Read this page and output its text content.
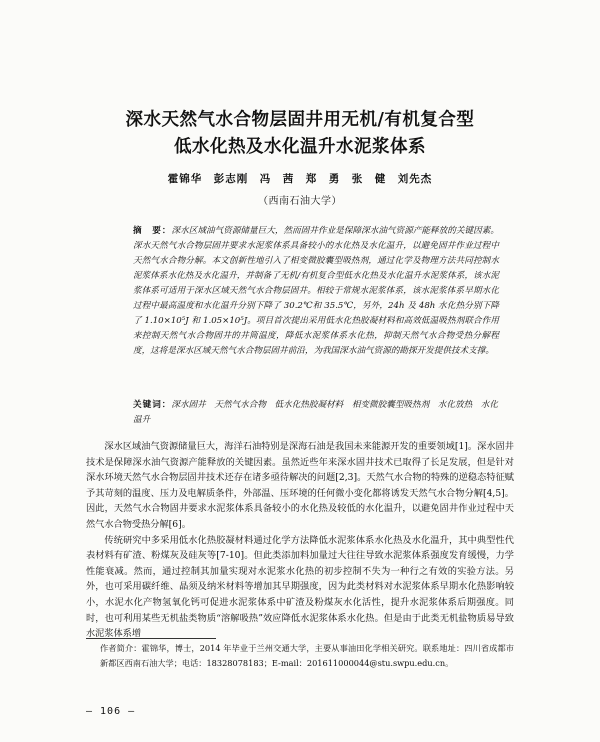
深水天然气水合物层固井用无机/有机复合型
低水化热及水化温升水泥浆体系
霍锦华　彭志刚　冯　茜　郑　勇　张　健　刘先杰
（西南石油大学）

摘　要：深水区域油气资源储量巨大，然而固井作业是保障深水油气资源产能释放的关键因素。深水天然气水合物层固井要求水泥浆体系具备较小的水化热及水化温升，以避免固井作业过程中天然气水合物分解。本文创新性地引入了相变微胶囊型吸热剂，通过化学及物理方法共同控制水泥浆体系水化热及水化温升，并制备了无机/有机复合型低水化热及水化温升水泥浆体系，该水泥浆体系可适用于深水区域天然气水合物层固井。相较于常规水泥浆体系，该水泥浆体系早期水化过程中最高温度和水化温升分别下降了 30.2℃和 35.5℃，另外，24h 及 48h 水化热分别下降了 1.10×10⁵J 和 1.05×10⁵J。项目首次提出采用低水化热胶凝材料和高效低温吸热剂联合作用来控制天然气水合物固井的井筒温度，降低水泥浆体系水化热，抑制天然气水合物受热分解程度，这将是深水区域天然气水合物层固井前沿，为我国深水油气资源的勘探开发提供技术支撑。

关键词：深水固井　天然气水合物　低水化热胶凝材料　相变微胶囊型吸热剂　水化放热　水化温升

深水区域油气资源储量巨大，海洋石油特别是深海石油是我国未来能源开发的重要领域[1]。深水固井技术是保障深水油气资源产能释放的关键因素。虽然近些年来深水固井技术已取得了长足发展，但是针对深水环境天然气水合物层固井技术还存在诸多亟待解决的问题[2,3]。天然气水合物的特殊的逆稳态特征赋予其苛刻的温度、压力及电解质条件，外部温、压环境的任何微小变化都将诱发天然气水合物分解[4,5]。因此，天然气水合物固井要求水泥浆体系具备较小的水化热及较低的水化温升，以避免固井作业过程中天然气水合物受热分解[6]。

传统研究中多采用低水化热胶凝材料通过化学方法降低水泥浆体系水化热及水化温升，其中典型性代表材料有矿渣、粉煤灰及硅灰等[7-10]。但此类添加料加量过大往往导致水泥浆体系强度发育缓慢，力学性能衰减。然而，通过控制其加量实现对水泥浆水化热的初步控制不失为一种行之有效的实验方法。另外，也可采用碳纤维、晶须及纳米材料等增加其早期强度，因为此类材料对水泥浆体系早期水化热影响较小，水泥水化产物氢氧化钙可促进水泥浆体系中矿渣及粉煤灰水化活性，提升水泥浆体系后期强度。同时，也可利用某些无机盐类物质“溶解吸热”效应降低水泥浆体系水化热。但是由于此类无机盐物质易导致水泥浆体系增

作者简介：霍锦华，博士，2014 年毕业于兰州交通大学，主要从事油田化学相关研究。联系地址：四川省成都市新都区西南石油大学；电话：18328078183；E-mail：201611000044@stu.swpu.edu.cn。

— 106 —
